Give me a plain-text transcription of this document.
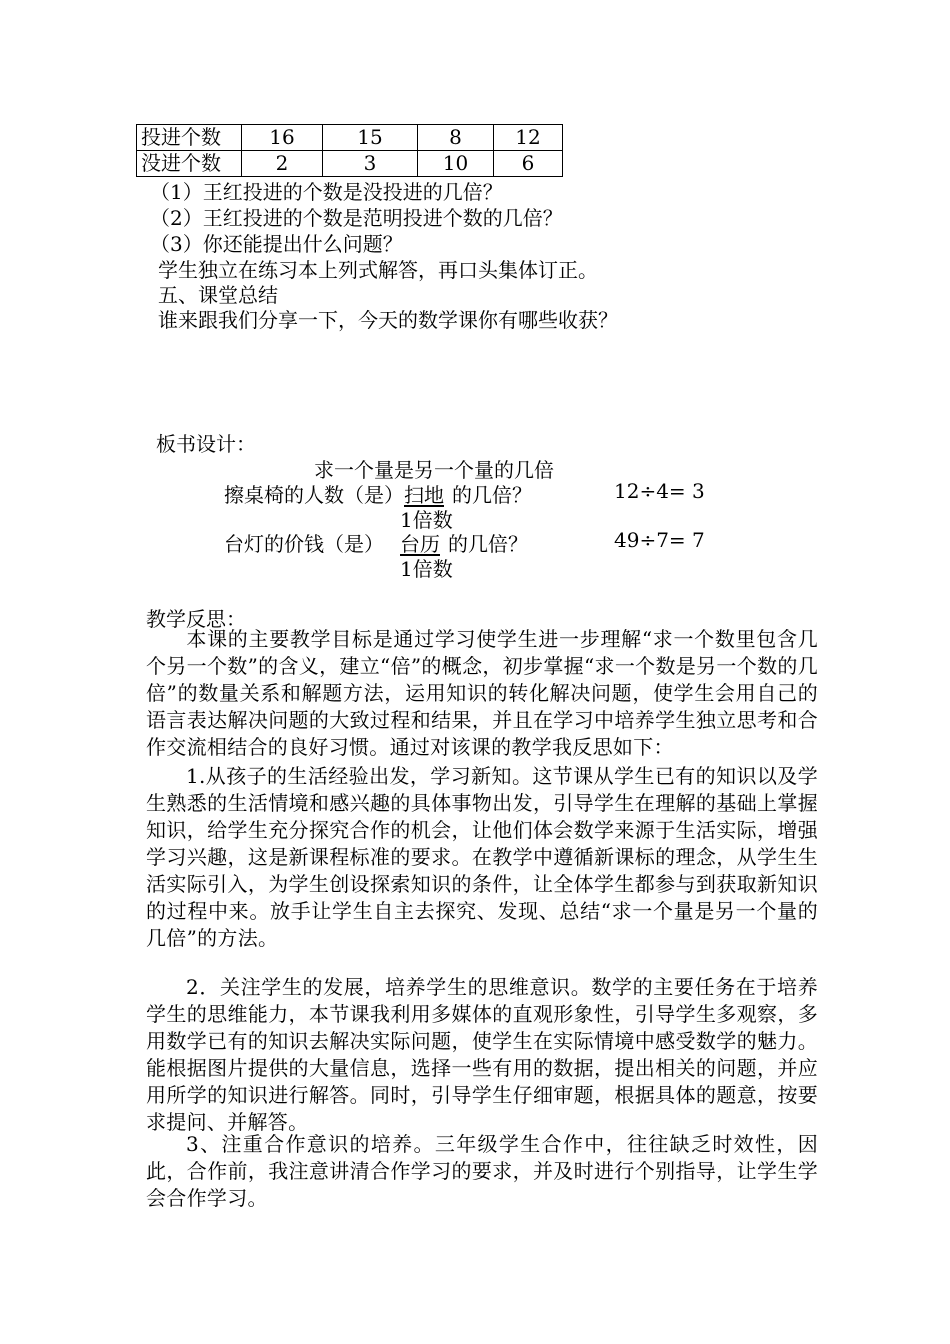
投进个数	16	15	8	12
没进个数	2	3	10	6
（1）王红投进的个数是没投进的几倍？
（2）王红投进的个数是范明投进个数的几倍？
（3）你还能提出什么问题？
学生独立在练习本上列式解答，再口头集体订正。
五、课堂总结
谁来跟我们分享一下，今天的数学课你有哪些收获？
板书设计：
求一个量是另一个量的几倍
擦桌椅的人数（是）扫地 的几倍？	12÷4= 3
1倍数
台灯的价钱（是） 台历 的几倍？	49÷7= 7
1倍数
教学反思：
本课的主要教学目标是通过学习使学生进一步理解“求一个数里包含几个另一个数”的含义，建立“倍”的概念，初步掌握“求一个数是另一个数的几倍”的数量关系和解题方法，运用知识的转化解决问题，使学生会用自己的语言表达解决问题的大致过程和结果，并且在学习中培养学生独立思考和合作交流相结合的良好习惯。通过对该课的教学我反思如下：
1.从孩子的生活经验出发，学习新知。这节课从学生已有的知识以及学生熟悉的生活情境和感兴趣的具体事物出发，引导学生在理解的基础上掌握知识，给学生充分探究合作的机会，让他们体会数学来源于生活实际，增强学习兴趣，这是新课程标准的要求。在教学中遵循新课标的理念，从学生生活实际引入，为学生创设探索知识的条件，让全体学生都参与到获取新知识的过程中来。放手让学生自主去探究、发现、总结“求一个量是另一个量的几倍”的方法。
2．关注学生的发展，培养学生的思维意识。数学的主要任务在于培养学生的思维能力，本节课我利用多媒体的直观形象性，引导学生多观察，多用数学已有的知识去解决实际问题，使学生在实际情境中感受数学的魅力。能根据图片提供的大量信息，选择一些有用的数据，提出相关的问题，并应用所学的知识进行解答。同时，引导学生仔细审题，根据具体的题意，按要求提问、并解答。
3、注重合作意识的培养。三年级学生合作中，往往缺乏时效性，因此，合作前，我注意讲清合作学习的要求，并及时进行个别指导，让学生学会合作学习。
